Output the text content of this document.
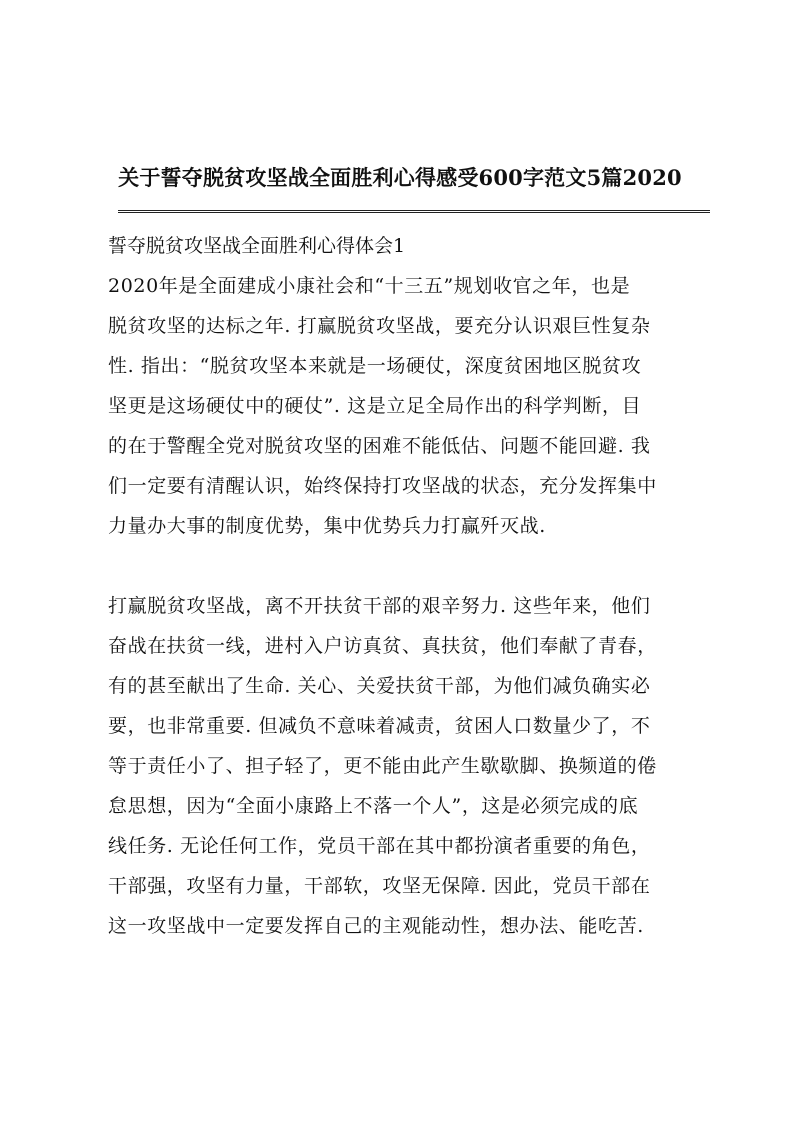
关于誓夺脱贫攻坚战全面胜利心得感受600字范文5篇2020

誓夺脱贫攻坚战全面胜利心得体会1

2020年是全面建成小康社会和“十三五”规划收官之年，也是
脱贫攻坚的达标之年. 打赢脱贫攻坚战，要充分认识艰巨性复杂
性. 指出：“脱贫攻坚本来就是一场硬仗，深度贫困地区脱贫攻
坚更是这场硬仗中的硬仗”. 这是立足全局作出的科学判断，目
的在于警醒全党对脱贫攻坚的困难不能低估、问题不能回避. 我
们一定要有清醒认识，始终保持打攻坚战的状态，充分发挥集中
力量办大事的制度优势，集中优势兵力打赢歼灭战.
打赢脱贫攻坚战，离不开扶贫干部的艰辛努力. 这些年来，他们
奋战在扶贫一线，进村入户访真贫、真扶贫，他们奉献了青春，
有的甚至献出了生命. 关心、关爱扶贫干部，为他们减负确实必
要，也非常重要. 但减负不意味着减责，贫困人口数量少了，不
等于责任小了、担子轻了，更不能由此产生歇歇脚、换频道的倦
怠思想，因为“全面小康路上不落一个人”，这是必须完成的底
线任务. 无论任何工作，党员干部在其中都扮演者重要的角色，
干部强，攻坚有力量，干部软，攻坚无保障. 因此，党员干部在
这一攻坚战中一定要发挥自己的主观能动性，想办法、能吃苦.
